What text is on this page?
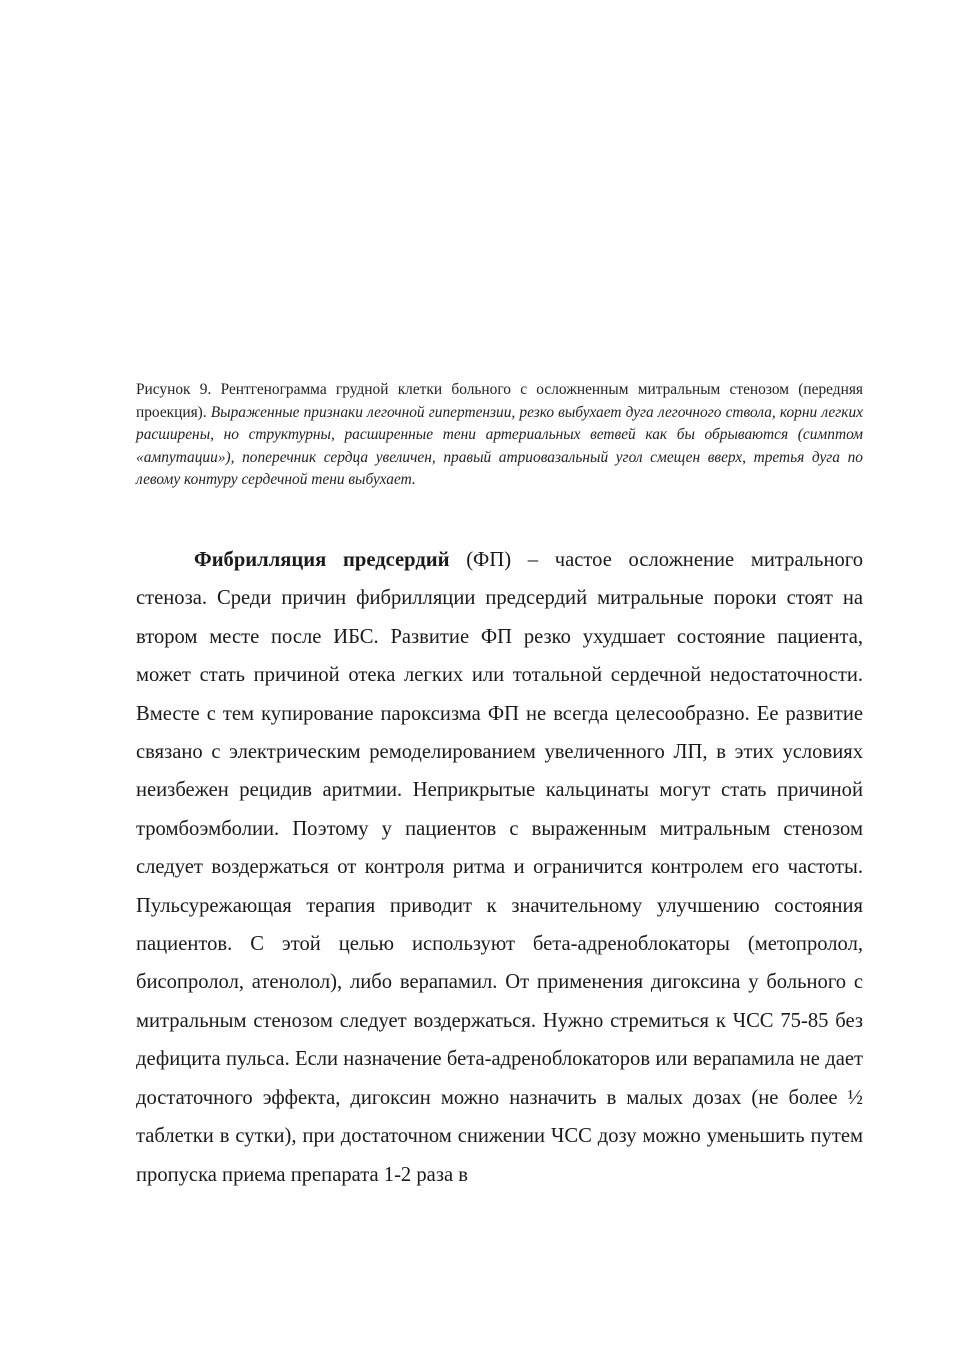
Рисунок 9. Рентгенограмма грудной клетки больного с осложненным митральным стенозом (передняя проекция). Выраженные признаки легочной гипертензии, резко выбухает дуга легочного ствола, корни легких расширены, но структурны, расширенные тени артериальных ветвей как бы обрываются (симптом «ампутации»), поперечник сердца увеличен, правый атриовазальный угол смещен вверх, третья дуга по левому контуру сердечной тени выбухает.

Фибрилляция предсердий (ФП) – частое осложнение митрального стеноза. Среди причин фибрилляции предсердий митральные пороки стоят на втором месте после ИБС. Развитие ФП резко ухудшает состояние пациента, может стать причиной отека легких или тотальной сердечной недостаточности. Вместе с тем купирование пароксизма ФП не всегда целесообразно. Ее развитие связано с электрическим ремоделированием увеличенного ЛП, в этих условиях неизбежен рецидив аритмии. Неприкрытые кальцинаты могут стать причиной тромбоэмболии. Поэтому у пациентов с выраженным митральным стенозом следует воздержаться от контроля ритма и ограничится контролем его частоты. Пульсурежающая терапия приводит к значительному улучшению состояния пациентов. С этой целью используют бета-адреноблокаторы (метопролол, бисопролол, атенолол), либо верапамил. От применения дигоксина у больного с митральным стенозом следует воздержаться. Нужно стремиться к ЧСС 75-85 без дефицита пульса. Если назначение бета-адреноблокаторов или верапамила не дает достаточного эффекта, дигоксин можно назначить в малых дозах (не более ½ таблетки в сутки), при достаточном снижении ЧСС дозу можно уменьшить путем пропуска приема препарата 1-2 раза в
